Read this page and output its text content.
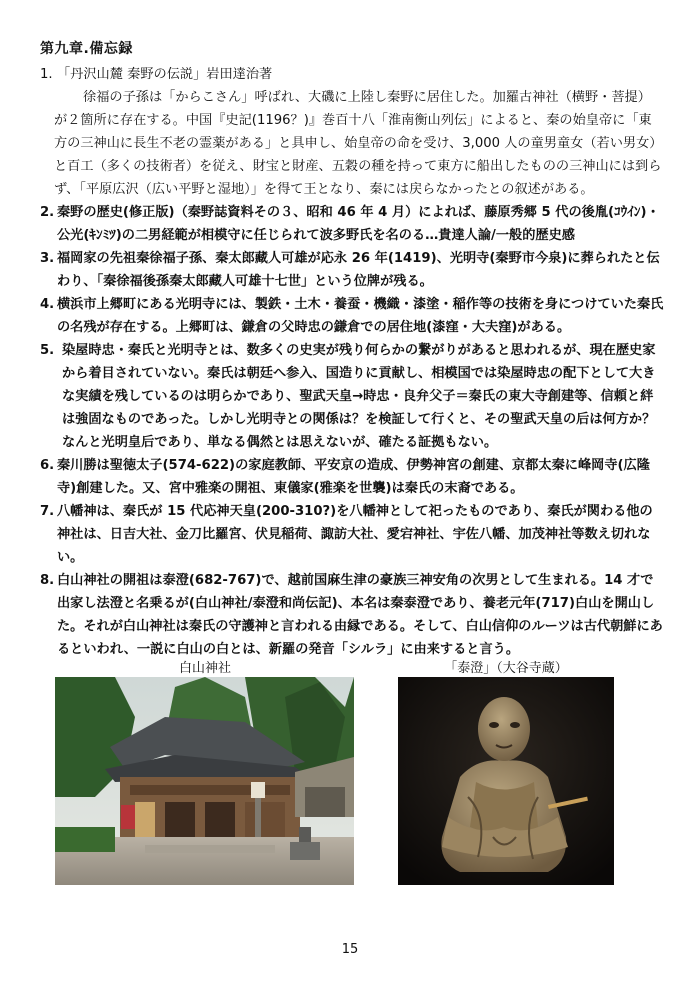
第九章.備忘録
1. 「丹沢山麓 秦野の伝説」岩田達治著

徐福の子孫は「からこさん」呼ばれ、大磯に上陸し秦野に居住した。加羅古神社（横野・菩提）が２箇所に存在する。中国『史記(1196？)』巻百十八「淮南衡山列伝」によると、秦の始皇帝に「東方の三神山に長生不老の霊薬がある」と具申し、始皇帝の命を受け、3,000 人の童男童女（若い男女）と百工（多くの技術者）を従え、財宝と財産、五穀の種を持って東方に船出したものの三神山には到らず、「平原広沢（広い平野と湿地）」を得て王となり、秦には戻らなかったとの叙述がある。

2. 秦野の歴史(修正版)（秦野誌資料その３、昭和 46 年 4 月）によれば、藤原秀郷 5 代の後胤(ｺｳｲﾝ)・公光(ｷﾝﾐﾂ)の二男経範が相模守に任じられて波多野氏を名のる…貴達人論/一般的歴史感
3. 福岡家の先祖秦徐福子孫、秦太郎藏人可雄が応永 26 年(1419)、光明寺(秦野市今泉)に葬られたと伝わり、「秦徐福後孫秦太郎藏人可雄十七世」という位牌が残る。
4. 横浜市上郷町にある光明寺には、製鉄・土木・養蚕・機織・漆塗・稲作等の技術を身につけていた秦氏の名残が存在する。上郷町は、鎌倉の父時忠の鎌倉での居住地(漆窪・大夫窪)がある。
5. 染屋時忠・秦氏と光明寺とは、数多くの史実が残り何らかの繋がりがあると思われるが、現在歴史家から着目されていない。秦氏は朝廷へ参入、国造りに貢献し、相模国では染屋時忠の配下として大きな実績を残しているのは明らかであり、聖武天皇→時忠・良弁父子＝秦氏の東大寺創建等、信頼と絆は強固なものであった。しかし光明寺との関係は？を検証して行くと、その聖武天皇の后は何方か？なんと光明皇后であり、単なる偶然とは思えないが、確たる証拠もない。
6. 秦川勝は聖徳太子(574-622)の家庭教師、平安京の造成、伊勢神宮の創建、京都太秦に峰岡寺(広隆寺)創建した。又、宮中雅楽の開祖、東儀家(雅楽を世襲)は秦氏の末裔である。
7. 八幡神は、秦氏が 15 代応神天皇(200-310?)を八幡神として祀ったものであり、秦氏が関わる他の神社は、日吉大社、金刀比羅宮、伏見稲荷、諏訪大社、愛宕神社、宇佐八幡、加茂神社等数え切れない。
8. 白山神社の開祖は泰澄(682-767)で、越前国麻生津の豪族三神安角の次男として生まれる。14 才で出家し法澄と名乗るが(白山神社/泰澄和尚伝記)、本名は秦泰澄であり、養老元年(717)白山を開山した。それが白山神社は秦氏の守護神と言われる由縁である。そして、白山信仰のルーツは古代朝鮮にあるといわれ、一説に白山の白とは、新羅の発音「シルラ」に由来すると言う。
白山神社	「泰澄」（大谷寺蔵）
15
